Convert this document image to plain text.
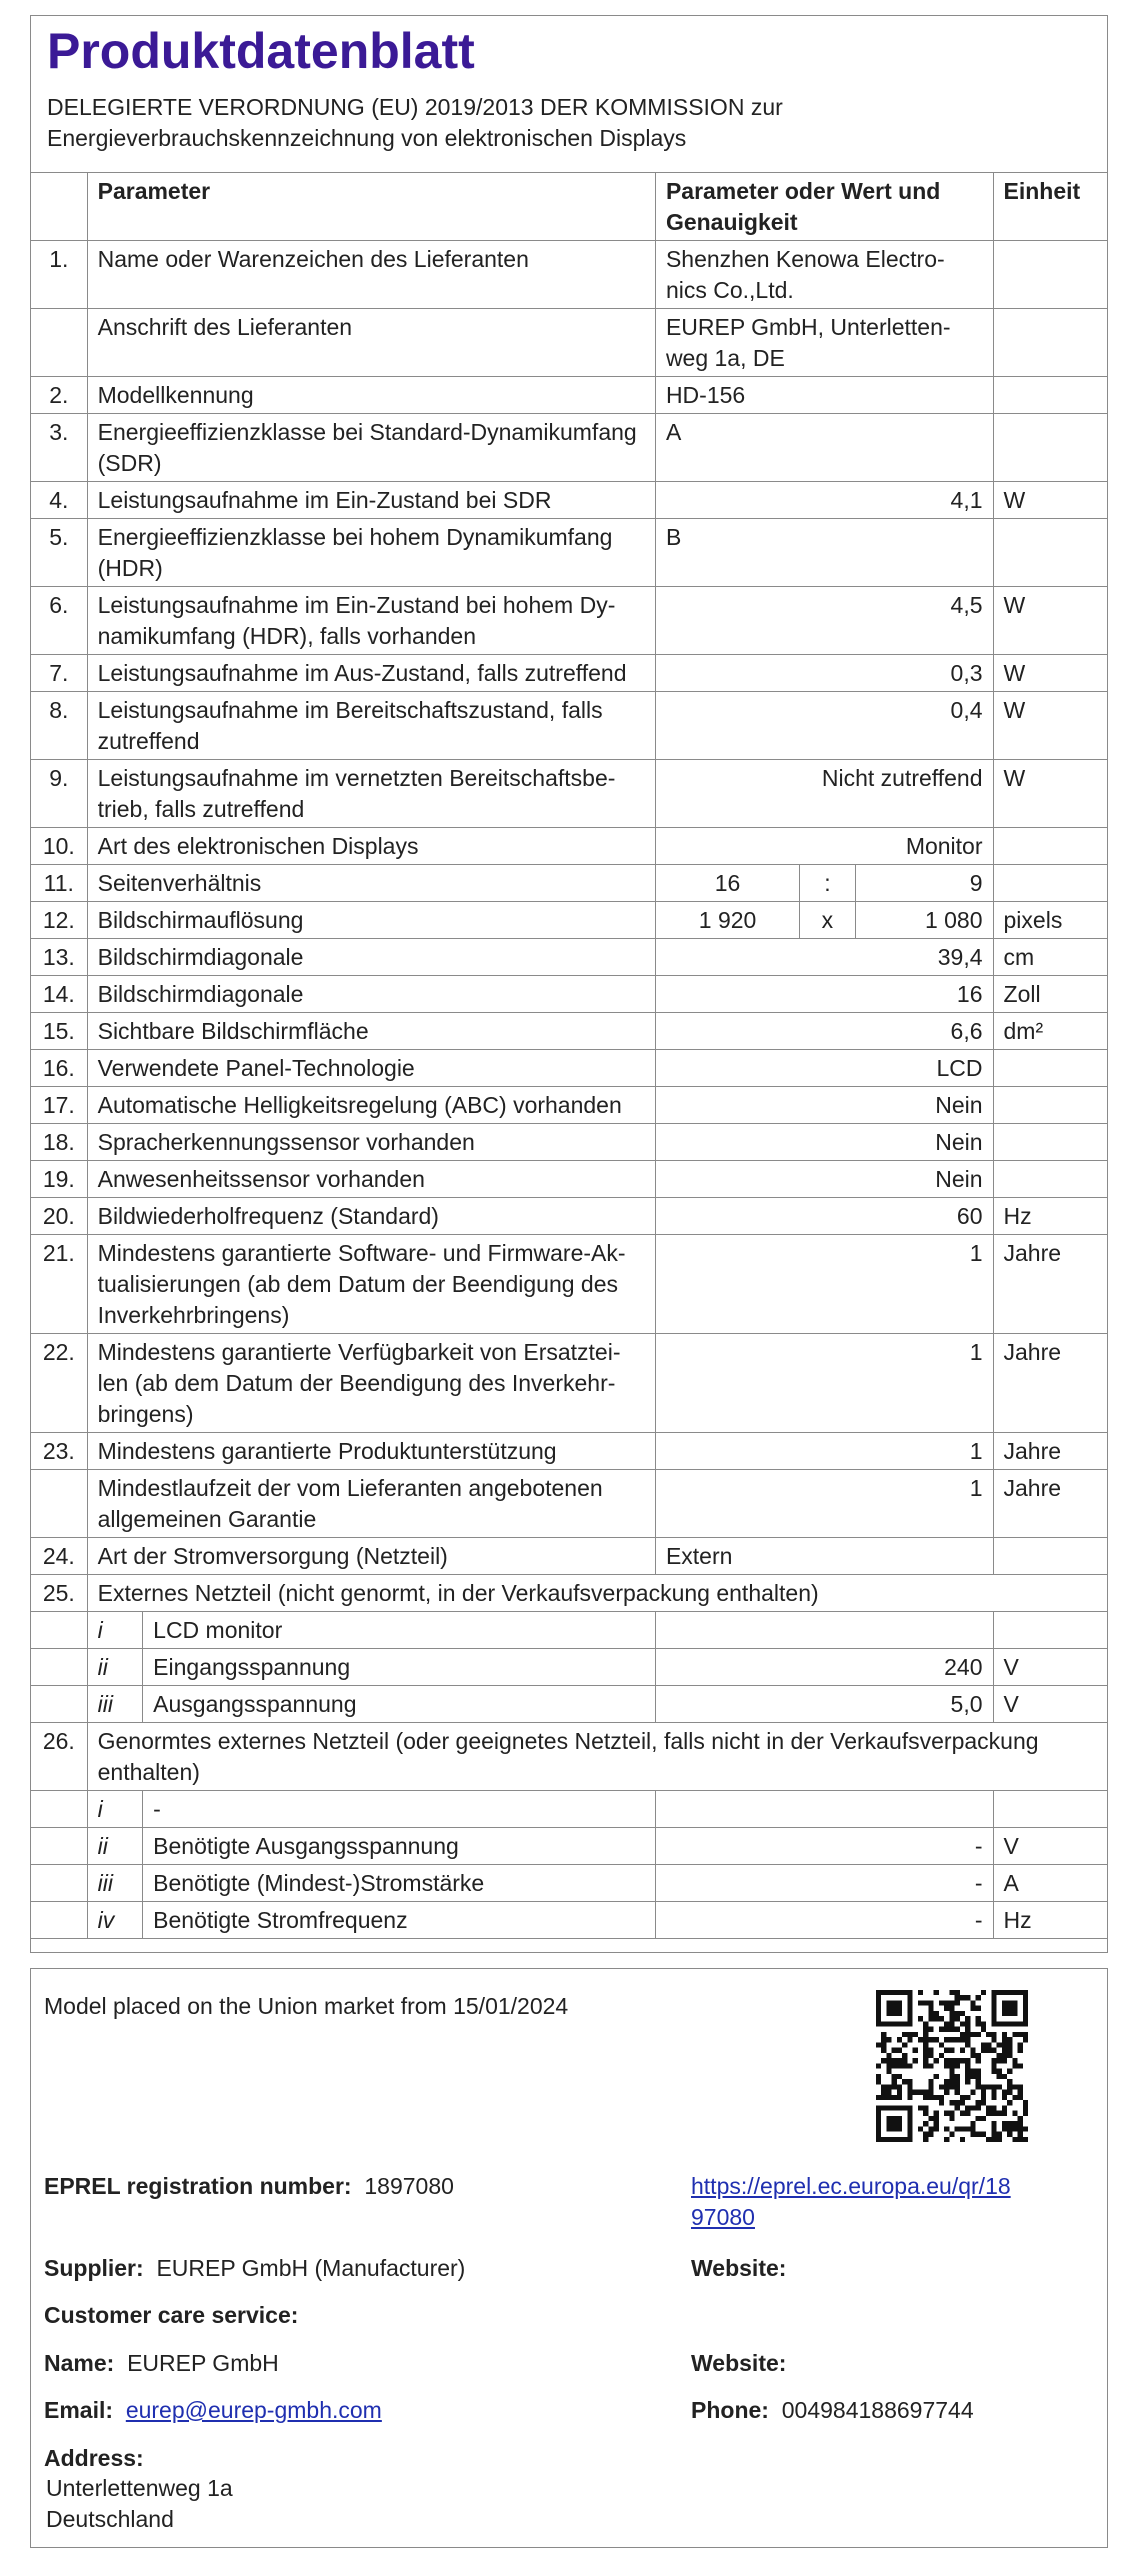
Produktdatenblatt
DELEGIERTE VERORDNUNG (EU) 2019/2013 DER KOMMISSION zur
Energieverbrauchskennzeichnung von elektronischen Displays

	Parameter		Parameter oder Wert und
Genauigkeit			Einheit

1.	Name oder Warenzeichen des Lieferanten		Shenzhen Kenowa Electro-
nics Co.,Ltd.			

	Anschrift des Lieferanten		EUREP GmbH, Unterletten-
weg 1a, DE			

2.	Modellkennung		HD-156			

3.	Energieeffizienzklasse bei Standard-Dynamikumfang
(SDR)		A			

4.	Leistungsaufnahme im Ein-Zustand bei SDR		4,1			W

5.	Energieeffizienzklasse bei hohem Dynamikumfang
(HDR)		B			

6.	Leistungsaufnahme im Ein-Zustand bei hohem Dy-
namikumfang (HDR), falls vorhanden		4,5			W

7.	Leistungsaufnahme im Aus-Zustand, falls zutreffend		0,3			W

8.	Leistungsaufnahme im Bereitschaftszustand, falls
zutreffend		0,4			W

9.	Leistungsaufnahme im vernetzten Bereitschaftsbe-
trieb, falls zutreffend		Nicht zutreffend			W

10.	Art des elektronischen Displays		Monitor			

11.	Seitenverhältnis		16	:	9	

12.	Bildschirmauflösung		1 920	x	1 080	pixels

13.	Bildschirmdiagonale		39,4			cm

14.	Bildschirmdiagonale		16			Zoll

15.	Sichtbare Bildschirmfläche		6,6			dm²

16.	Verwendete Panel-Technologie		LCD			

17.	Automatische Helligkeitsregelung (ABC) vorhanden		Nein			

18.	Spracherkennungssensor vorhanden		Nein			

19.	Anwesenheitssensor vorhanden		Nein			

20.	Bildwiederholfrequenz (Standard)		60			Hz

21.	Mindestens garantierte Software- und Firmware-Ak-
tualisierungen (ab dem Datum der Beendigung des
Inverkehrbringens)		1			Jahre

22.	Mindestens garantierte Verfügbarkeit von Ersatztei-
len (ab dem Datum der Beendigung des Inverkehr-
bringens)		1			Jahre

23.	Mindestens garantierte Produktunterstützung		1			Jahre

	Mindestlaufzeit der vom Lieferanten angebotenen
allgemeinen Garantie		1			Jahre

24.	Art der Stromversorgung (Netzteil)		Extern			

25.	Externes Netzteil (nicht genormt, in der Verkaufsverpackung enthalten)					

	i	LCD monitor				

	ii	Eingangsspannung	240			V

	iii	Ausgangsspannung	5,0			V

26.	Genormtes externes Netzteil (oder geeignetes Netzteil, falls nicht in der Verkaufsverpackung
enthalten)					

	i	-				

	ii	Benötigte Ausgangsspannung	-			V

	iii	Benötigte (Mindest-)Stromstärke	-			A

	iv	Benötigte Stromfrequenz	-			Hz
Model placed on the Union market from 15/01/2024
EPREL registration number: 1897080	https://eprel.ec.europa.eu/qr/18
97080
Supplier: EUREP GmbH (Manufacturer)	Website:
Customer care service:
Name: EUREP GmbH	Website:
Email: eurep@eurep-gmbh.com	Phone: 004984188697744
Address:
Unterlettenweg 1a
Deutschland
